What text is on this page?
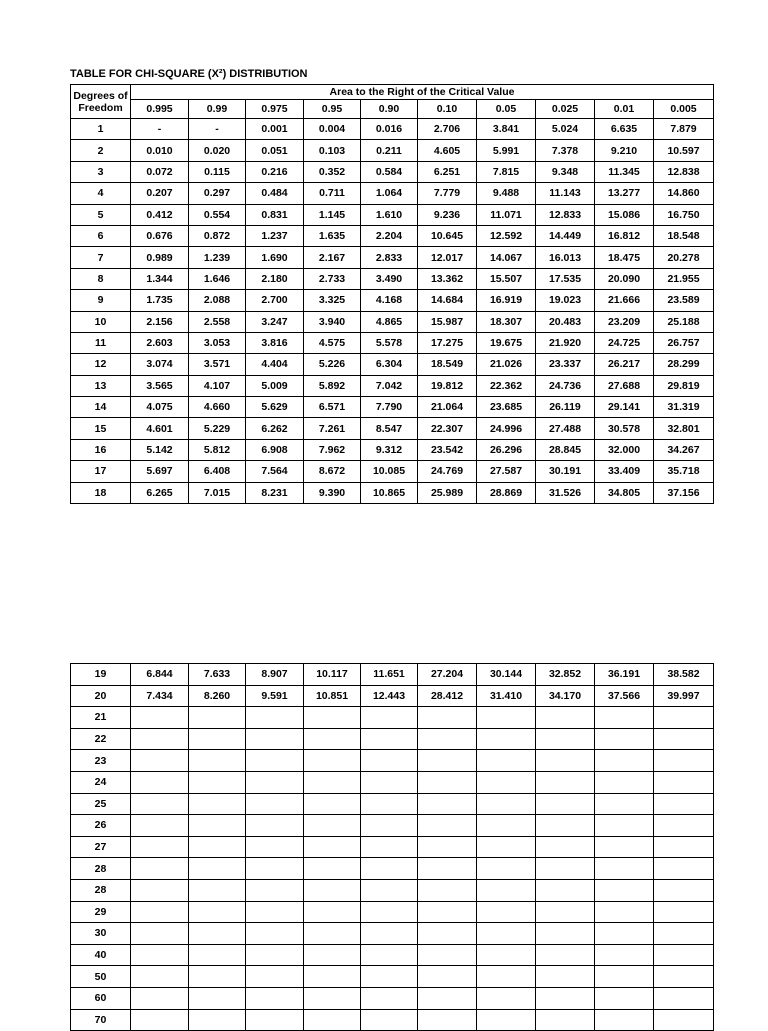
TABLE FOR CHI-SQUARE (X²) DISTRIBUTION
Degrees of Freedom	Area to the Right of the Critical Value									
	0.995	0.99	0.975	0.95	0.90	0.10	0.05	0.025	0.01	0.005
1	-	-	0.001	0.004	0.016	2.706	3.841	5.024	6.635	7.879
2	0.010	0.020	0.051	0.103	0.211	4.605	5.991	7.378	9.210	10.597
3	0.072	0.115	0.216	0.352	0.584	6.251	7.815	9.348	11.345	12.838
4	0.207	0.297	0.484	0.711	1.064	7.779	9.488	11.143	13.277	14.860
5	0.412	0.554	0.831	1.145	1.610	9.236	11.071	12.833	15.086	16.750
6	0.676	0.872	1.237	1.635	2.204	10.645	12.592	14.449	16.812	18.548
7	0.989	1.239	1.690	2.167	2.833	12.017	14.067	16.013	18.475	20.278
8	1.344	1.646	2.180	2.733	3.490	13.362	15.507	17.535	20.090	21.955
9	1.735	2.088	2.700	3.325	4.168	14.684	16.919	19.023	21.666	23.589
10	2.156	2.558	3.247	3.940	4.865	15.987	18.307	20.483	23.209	25.188
11	2.603	3.053	3.816	4.575	5.578	17.275	19.675	21.920	24.725	26.757
12	3.074	3.571	4.404	5.226	6.304	18.549	21.026	23.337	26.217	28.299
13	3.565	4.107	5.009	5.892	7.042	19.812	22.362	24.736	27.688	29.819
14	4.075	4.660	5.629	6.571	7.790	21.064	23.685	26.119	29.141	31.319
15	4.601	5.229	6.262	7.261	8.547	22.307	24.996	27.488	30.578	32.801
16	5.142	5.812	6.908	7.962	9.312	23.542	26.296	28.845	32.000	34.267
17	5.697	6.408	7.564	8.672	10.085	24.769	27.587	30.191	33.409	35.718
18	6.265	7.015	8.231	9.390	10.865	25.989	28.869	31.526	34.805	37.156
19	6.844	7.633	8.907	10.117	11.651	27.204	30.144	32.852	36.191	38.582
20	7.434	8.260	9.591	10.851	12.443	28.412	31.410	34.170	37.566	39.997
21										
22										
23										
24										
25										
26										
27										
28										
28										
29										
30										
40										
50										
60										
70										
